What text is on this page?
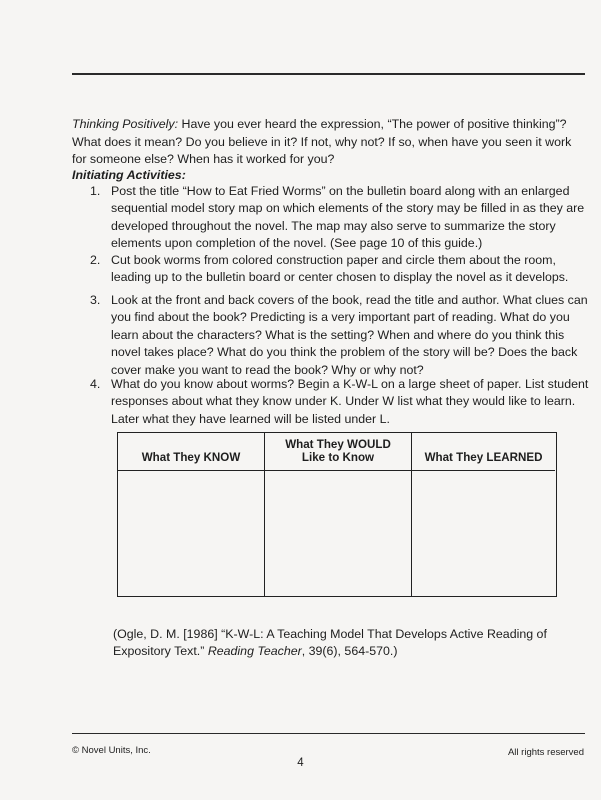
Thinking Positively: Have you ever heard the expression, “The power of positive thinking”? What does it mean? Do you believe in it? If not, why not? If so, when have you seen it work for someone else? When has it worked for you?
Initiating Activities:
1. Post the title “How to Eat Fried Worms” on the bulletin board along with an enlarged sequential model story map on which elements of the story may be filled in as they are developed throughout the novel. The map may also serve to summarize the story elements upon completion of the novel. (See page 10 of this guide.)
2. Cut book worms from colored construction paper and circle them about the room, leading up to the bulletin board or center chosen to display the novel as it develops.
3. Look at the front and back covers of the book, read the title and author. What clues can you find about the book? Predicting is a very important part of reading. What do you learn about the characters? What is the setting? When and where do you think this novel takes place? What do you think the problem of the story will be? Does the back cover make you want to read the book? Why or why not?
4. What do you know about worms? Begin a K-W-L on a large sheet of paper. List student responses about what they know under K. Under W list what they would like to learn. Later what they have learned will be listed under L.
What They KNOW
What They WOULD
Like to Know	What They LEARNED
(Ogle, D. M. [1986] “K-W-L: A Teaching Model That Develops Active Reading of Expository Text.” Reading Teacher, 39(6), 564-570.)
© Novel Units, Inc.	All rights reserved
4
